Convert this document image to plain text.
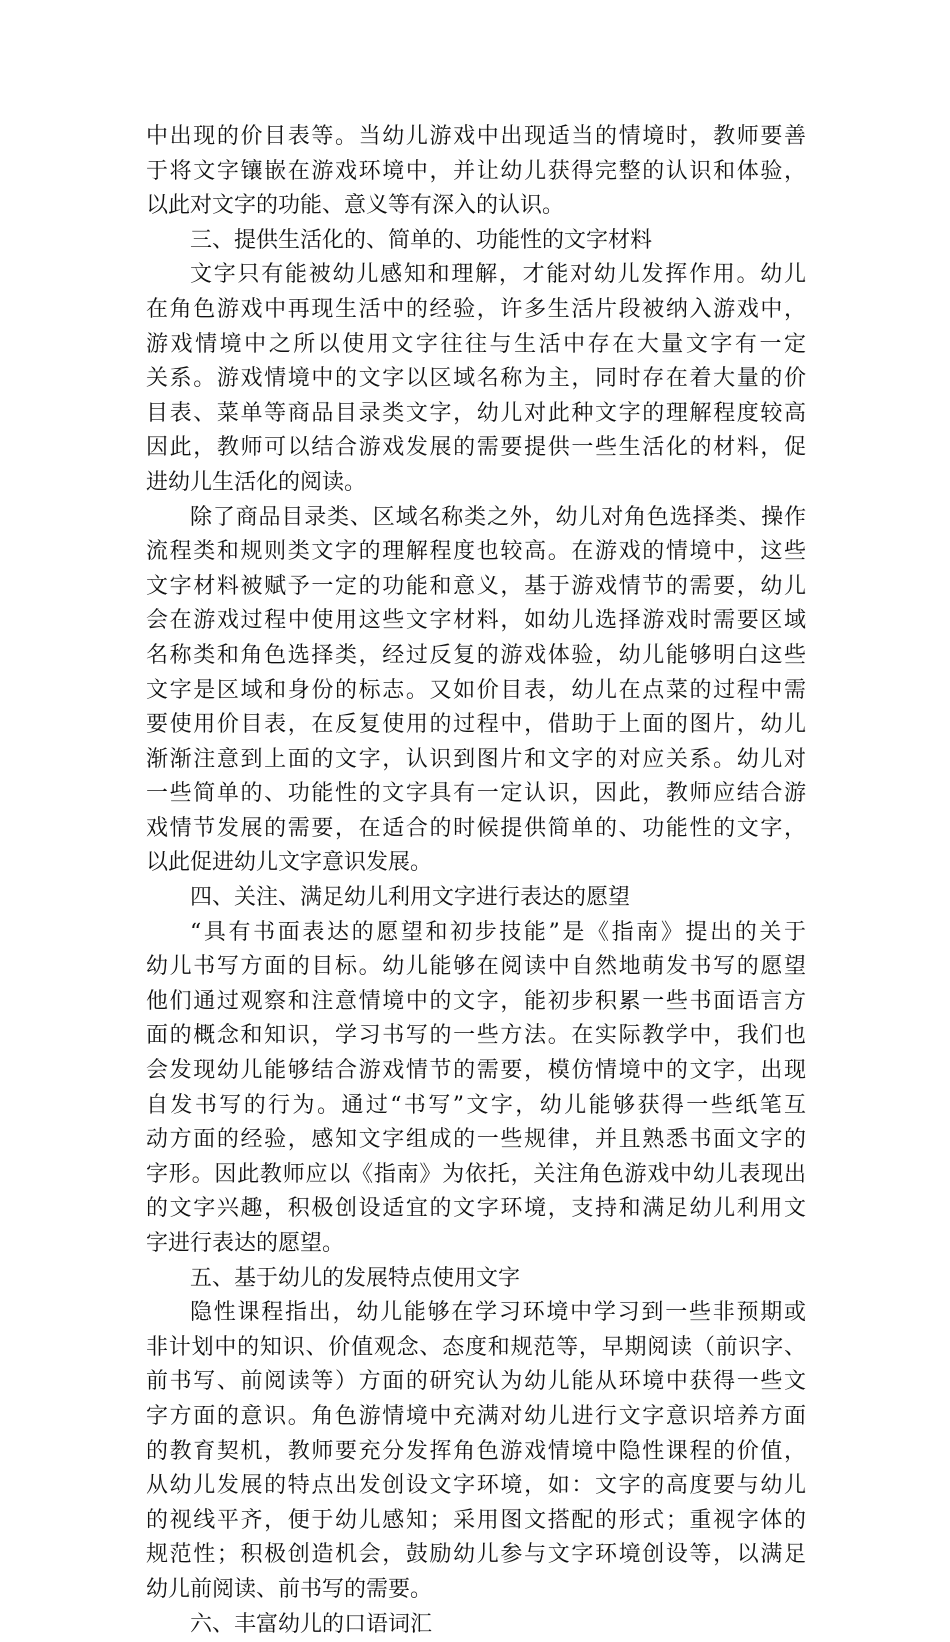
中出现的价目表等。当幼儿游戏中出现适当的情境时，教师要善
于将文字镶嵌在游戏环境中，并让幼儿获得完整的认识和体验，
以此对文字的功能、意义等有深入的认识。
三、提供生活化的、简单的、功能性的文字材料
文字只有能被幼儿感知和理解，才能对幼儿发挥作用。幼儿
在角色游戏中再现生活中的经验，许多生活片段被纳入游戏中，
游戏情境中之所以使用文字往往与生活中存在大量文字有一定
关系。游戏情境中的文字以区域名称为主，同时存在着大量的价
目表、菜单等商品目录类文字，幼儿对此种文字的理解程度较高
因此，教师可以结合游戏发展的需要提供一些生活化的材料，促
进幼儿生活化的阅读。
除了商品目录类、区域名称类之外，幼儿对角色选择类、操作
流程类和规则类文字的理解程度也较高。在游戏的情境中，这些
文字材料被赋予一定的功能和意义，基于游戏情节的需要，幼儿
会在游戏过程中使用这些文字材料，如幼儿选择游戏时需要区域
名称类和角色选择类，经过反复的游戏体验，幼儿能够明白这些
文字是区域和身份的标志。又如价目表，幼儿在点菜的过程中需
要使用价目表，在反复使用的过程中，借助于上面的图片，幼儿
渐渐注意到上面的文字，认识到图片和文字的对应关系。幼儿对
一些简单的、功能性的文字具有一定认识，因此，教师应结合游
戏情节发展的需要，在适合的时候提供简单的、功能性的文字，
以此促进幼儿文字意识发展。
四、关注、满足幼儿利用文字进行表达的愿望
“具有书面表达的愿望和初步技能”是《指南》提出的关于
幼儿书写方面的目标。幼儿能够在阅读中自然地萌发书写的愿望
他们通过观察和注意情境中的文字，能初步积累一些书面语言方
面的概念和知识，学习书写的一些方法。在实际教学中，我们也
会发现幼儿能够结合游戏情节的需要，模仿情境中的文字，出现
自发书写的行为。通过“书写”文字，幼儿能够获得一些纸笔互
动方面的经验，感知文字组成的一些规律，并且熟悉书面文字的
字形。因此教师应以《指南》为依托，关注角色游戏中幼儿表现出
的文字兴趣，积极创设适宜的文字环境，支持和满足幼儿利用文
字进行表达的愿望。
五、基于幼儿的发展特点使用文字
隐性课程指出，幼儿能够在学习环境中学习到一些非预期或
非计划中的知识、价值观念、态度和规范等，早期阅读（前识字、
前书写、前阅读等）方面的研究认为幼儿能从环境中获得一些文
字方面的意识。角色游情境中充满对幼儿进行文字意识培养方面
的教育契机，教师要充分发挥角色游戏情境中隐性课程的价值，
从幼儿发展的特点出发创设文字环境，如：文字的高度要与幼儿
的视线平齐，便于幼儿感知；采用图文搭配的形式；重视字体的
规范性；积极创造机会，鼓励幼儿参与文字环境创设等，以满足
幼儿前阅读、前书写的需要。
六、丰富幼儿的口语词汇
